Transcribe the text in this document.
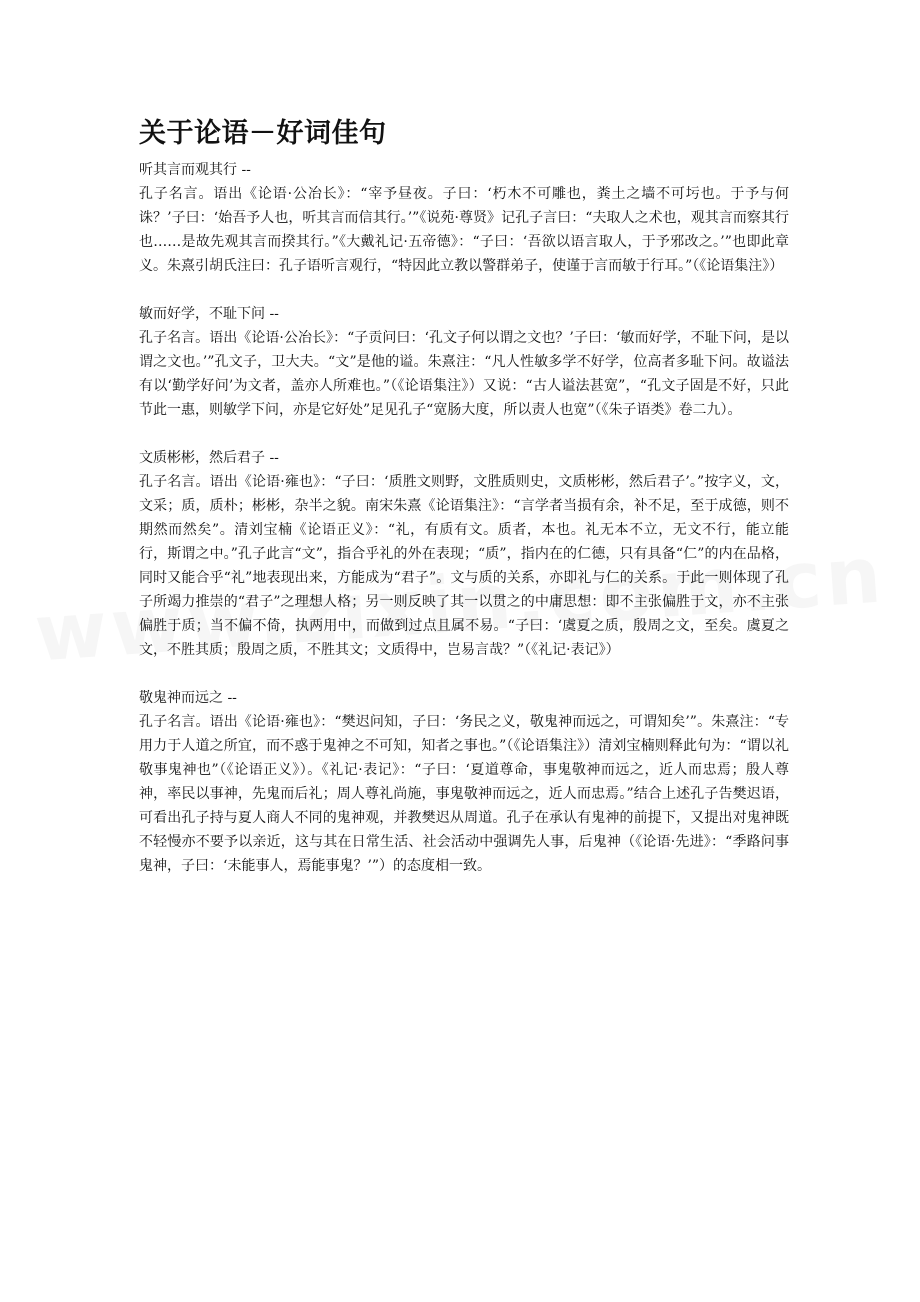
关于论语－好词佳句

听其言而观其行 --

孔子名言。语出《论语·公冶长》：“宰予昼夜。子曰：‘朽木不可雕也，粪土之墙不可圬也。于予与何诛？’子曰：‘始吾予人也，听其言而信其行。’”《说苑·尊贤》记孔子言曰：“夫取人之术也，观其言而察其行也……是故先观其言而揆其行。”《大戴礼记·五帝德》：“子曰：‘吾欲以语言取人，于予邪改之。’”也即此章义。朱熹引胡氏注曰：孔子语听言观行，“特因此立教以警群弟子，使谨于言而敏于行耳。”（《论语集注》）

敏而好学，不耻下问 --

孔子名言。语出《论语·公冶长》：“子贡问曰：‘孔文子何以谓之文也？’子曰：‘敏而好学，不耻下问，是以谓之文也。’”孔文子，卫大夫。“文”是他的谥。朱熹注：“凡人性敏多学不好学，位高者多耻下问。故谥法有以‘勤学好问’为文者，盖亦人所难也。”（《论语集注》）又说：“古人谥法甚宽”，“孔文子固是不好，只此节此一惠，则敏学下问，亦是它好处”足见孔子“宽肠大度，所以责人也宽”（《朱子语类》卷二九）。

文质彬彬，然后君子 --

孔子名言。语出《论语·雍也》：“子曰：‘质胜文则野，文胜质则史，文质彬彬，然后君子’。”按字义，文，文采；质，质朴；彬彬，杂半之貌。南宋朱熹《论语集注》：“言学者当损有余，补不足，至于成德，则不期然而然矣”。清刘宝楠《论语正义》：“礼，有质有文。质者，本也。礼无本不立，无文不行，能立能行，斯谓之中。”孔子此言“文”，指合乎礼的外在表现；“质”，指内在的仁德，只有具备“仁”的内在品格，同时又能合乎“礼”地表现出来，方能成为“君子”。文与质的关系，亦即礼与仁的关系。于此一则体现了孔子所竭力推崇的“君子”之理想人格；另一则反映了其一以贯之的中庸思想：即不主张偏胜于文，亦不主张偏胜于质；当不偏不倚，执两用中，而做到过点且属不易。“子曰：‘虞夏之质，殷周之文，至矣。虞夏之文，不胜其质；殷周之质，不胜其文；文质得中，岂易言哉？”（《礼记·表记》）

敬鬼神而远之 --

孔子名言。语出《论语·雍也》：“樊迟问知，子曰：‘务民之义，敬鬼神而远之，可谓知矣’”。朱熹注：“专用力于人道之所宜，而不惑于鬼神之不可知，知者之事也。”（《论语集注》）清刘宝楠则释此句为：“谓以礼敬事鬼神也”（《论语正义》）。《礼记·表记》：“子曰：‘夏道尊命，事鬼敬神而远之，近人而忠焉；殷人尊神，率民以事神，先鬼而后礼；周人尊礼尚施，事鬼敬神而远之，近人而忠焉。”结合上述孔子告樊迟语，可看出孔子持与夏人商人不同的鬼神观，并教樊迟从周道。孔子在承认有鬼神的前提下，又提出对鬼神既不轻慢亦不要予以亲近，这与其在日常生活、社会活动中强调先人事，后鬼神（《论语·先进》：“季路问事鬼神，子曰：‘未能事人，焉能事鬼？’”）的态度相一致。
